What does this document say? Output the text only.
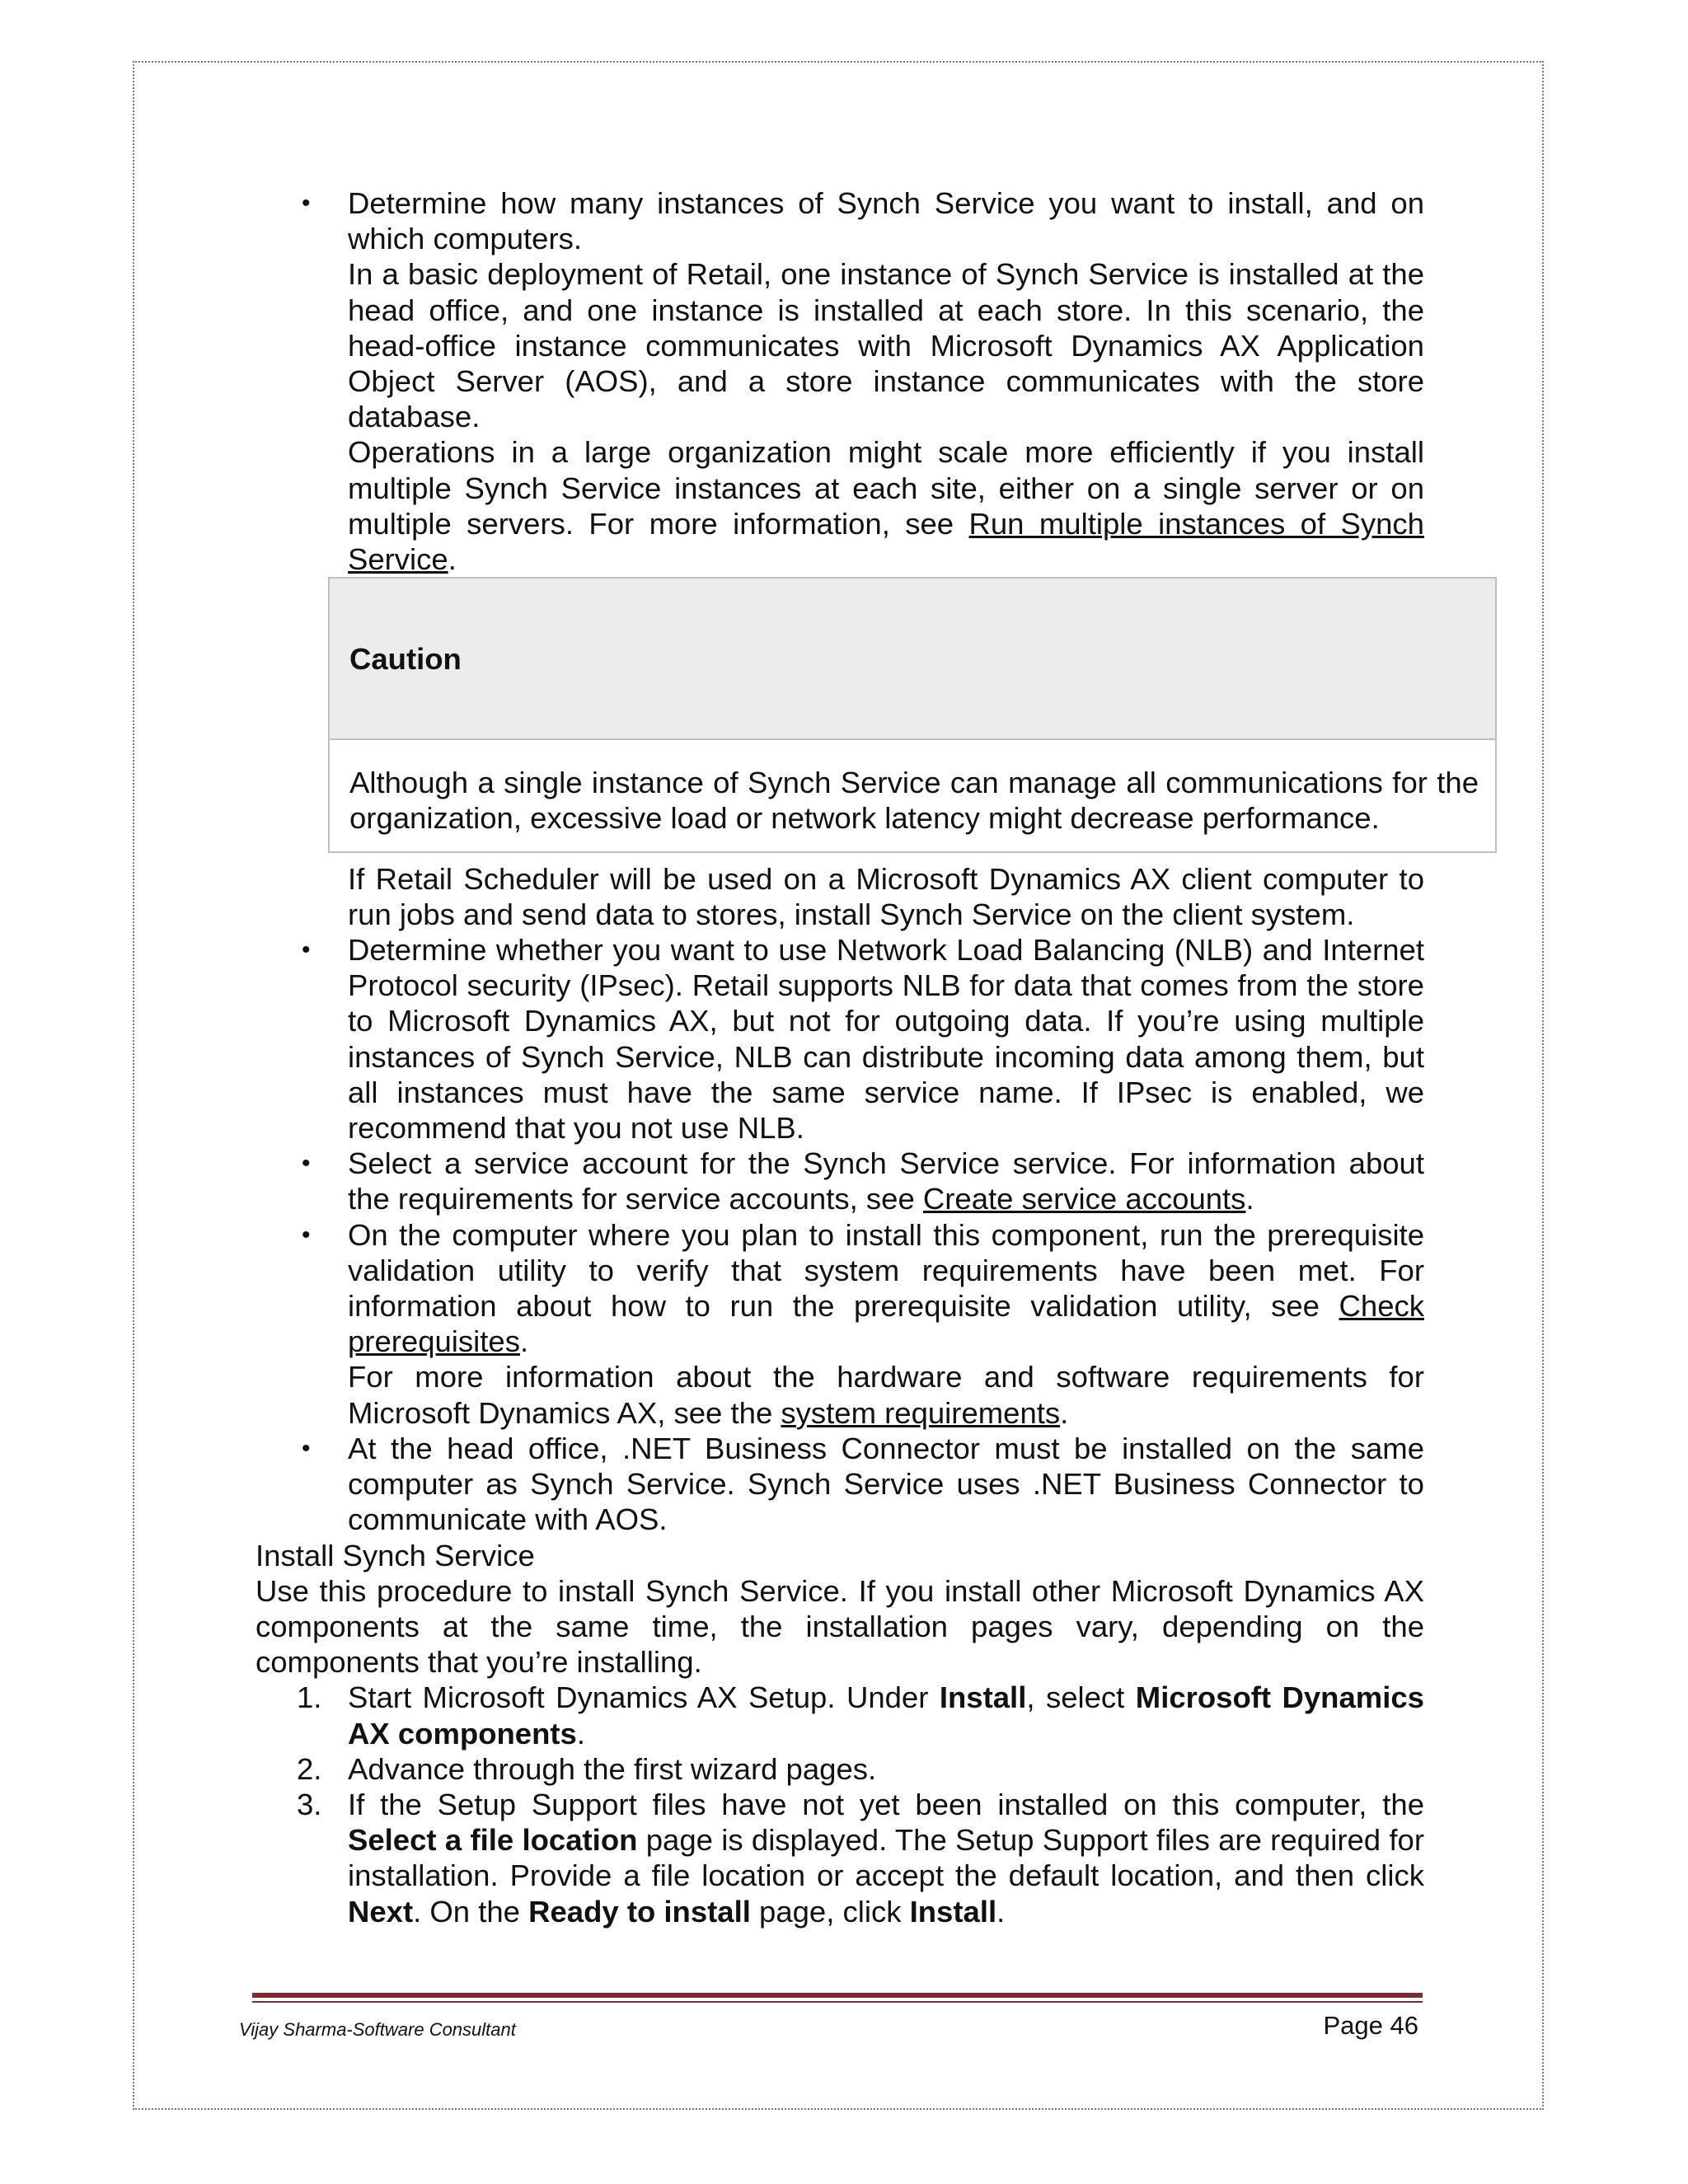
• Determine how many instances of Synch Service you want to install, and on which computers.

In a basic deployment of Retail, one instance of Synch Service is installed at the head office, and one instance is installed at each store. In this scenario, the head-office instance communicates with Microsoft Dynamics AX Application Object Server (AOS), and a store instance communicates with the store database.

Operations in a large organization might scale more efficiently if you install multiple Synch Service instances at each site, either on a single server or on multiple servers. For more information, see Run multiple instances of Synch Service.

Caution
Although a single instance of Synch Service can manage all communications for the organization, excessive load or network latency might decrease performance.

If Retail Scheduler will be used on a Microsoft Dynamics AX client computer to run jobs and send data to stores, install Synch Service on the client system.

• Determine whether you want to use Network Load Balancing (NLB) and Internet Protocol security (IPsec). Retail supports NLB for data that comes from the store to Microsoft Dynamics AX, but not for outgoing data. If you’re using multiple instances of Synch Service, NLB can distribute incoming data among them, but all instances must have the same service name. If IPsec is enabled, we recommend that you not use NLB.

• Select a service account for the Synch Service service. For information about the requirements for service accounts, see Create service accounts.

• On the computer where you plan to install this component, run the prerequisite validation utility to verify that system requirements have been met. For information about how to run the prerequisite validation utility, see Check prerequisites.

For more information about the hardware and software requirements for Microsoft Dynamics AX, see the system requirements.

• At the head office, .NET Business Connector must be installed on the same computer as Synch Service. Synch Service uses .NET Business Connector to communicate with AOS.

Install Synch Service

Use this procedure to install Synch Service. If you install other Microsoft Dynamics AX components at the same time, the installation pages vary, depending on the components that you’re installing.

1. Start Microsoft Dynamics AX Setup. Under Install, select Microsoft Dynamics AX components.

2. Advance through the first wizard pages.

3. If the Setup Support files have not yet been installed on this computer, the Select a file location page is displayed. The Setup Support files are required for installation. Provide a file location or accept the default location, and then click Next. On the Ready to install page, click Install.

Vijay Sharma-Software Consultant	Page 46
